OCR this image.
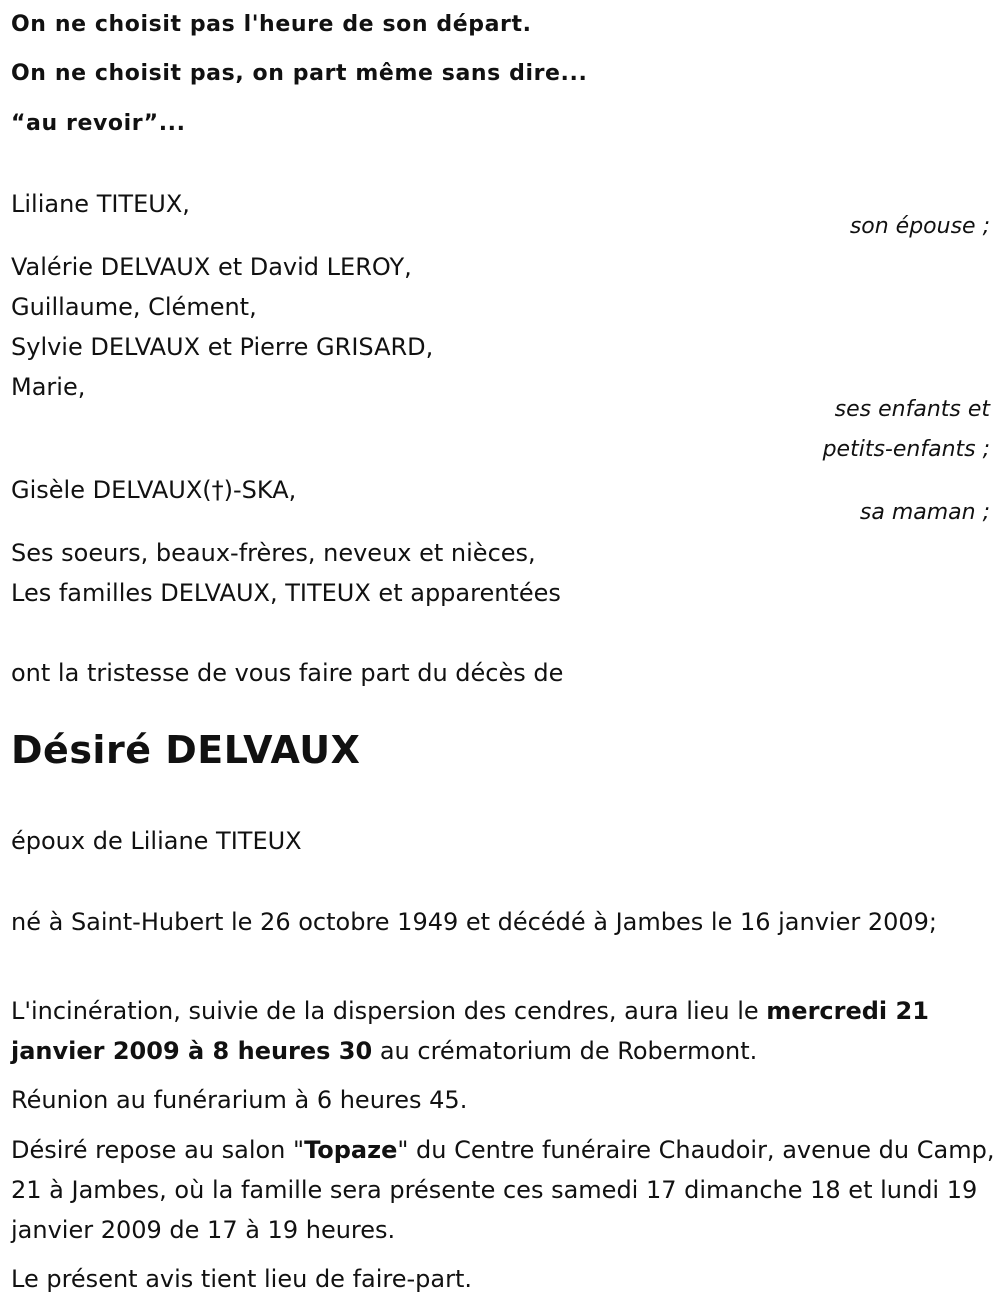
On ne choisit pas l'heure de son départ.
On ne choisit pas, on part même sans dire...
“au revoir”...
Liliane TITEUX,
son épouse ;
Valérie DELVAUX et David LEROY,
Guillaume, Clément,
Sylvie DELVAUX et Pierre GRISARD,
Marie,
ses enfants et
petits-enfants ;
Gisèle DELVAUX(†)-SKA,
sa maman ;
Ses soeurs, beaux-frères, neveux et nièces,
Les familles DELVAUX, TITEUX et apparentées
ont la tristesse de vous faire part du décès de
Désiré DELVAUX
époux de Liliane TITEUX
né à Saint-Hubert le 26 octobre 1949 et décédé à Jambes le 16 janvier 2009;
L'incinération, suivie de la dispersion des cendres, aura lieu le mercredi 21 janvier 2009 à 8 heures 30 au crématorium de Robermont.
Réunion au funérarium à 6 heures 45.
Désiré repose au salon "Topaze" du Centre funéraire Chaudoir, avenue du Camp, 21 à Jambes, où la famille sera présente ces samedi 17 dimanche 18 et lundi 19 janvier 2009 de 17 à 19 heures.
Le présent avis tient lieu de faire-part.
